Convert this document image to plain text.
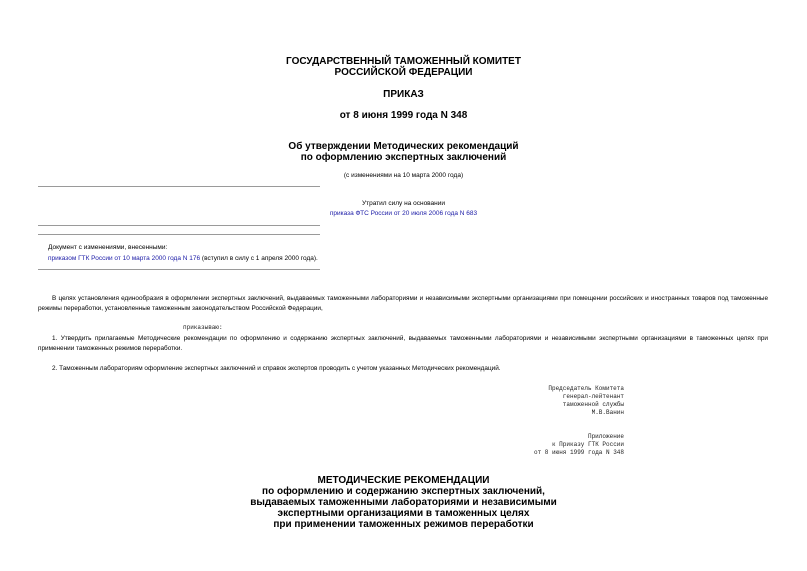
ГОСУДАРСТВЕННЫЙ ТАМОЖЕННЫЙ КОМИТЕТ
РОССИЙСКОЙ ФЕДЕРАЦИИ
ПРИКАЗ
от 8 июня 1999 года N 348
Об утверждении Методических рекомендаций
по оформлению экспертных заключений
(с изменениями на 10 марта 2000 года)
Утратил силу на основании
приказа ФТС России от 20 июля 2006 года N 683
Документ с изменениями, внесенными:
приказом ГТК России от 10 марта 2000 года N 176 (вступил в силу с 1 апреля 2000 года).
В целях установления единообразия в оформлении экспертных заключений, выдаваемых таможенными лабораториями и независимыми экспертными организациями при помещении российских и иностранных товаров под таможенные режимы переработки, установленные таможенным законодательством Российской Федерации,
приказываю:
1. Утвердить прилагаемые Методические рекомендации по оформлению и содержанию экспертных заключений, выдаваемых таможенными лабораториями и независимыми экспертными организациями в таможенных целях при применении таможенных режимов переработки.
2. Таможенным лабораториям оформление экспертных заключений и справок экспертов проводить с учетом указанных Методических рекомендаций.
Председатель Комитета
генерал-лейтенант
таможенной службы
М.В.Ванин
Приложение
к Приказу ГТК России
от 8 июня 1999 года N 348
МЕТОДИЧЕСКИЕ РЕКОМЕНДАЦИИ
по оформлению и содержанию экспертных заключений,
выдаваемых таможенными лабораториями и независимыми
экспертными организациями в таможенных целях
при применении таможенных режимов переработки
